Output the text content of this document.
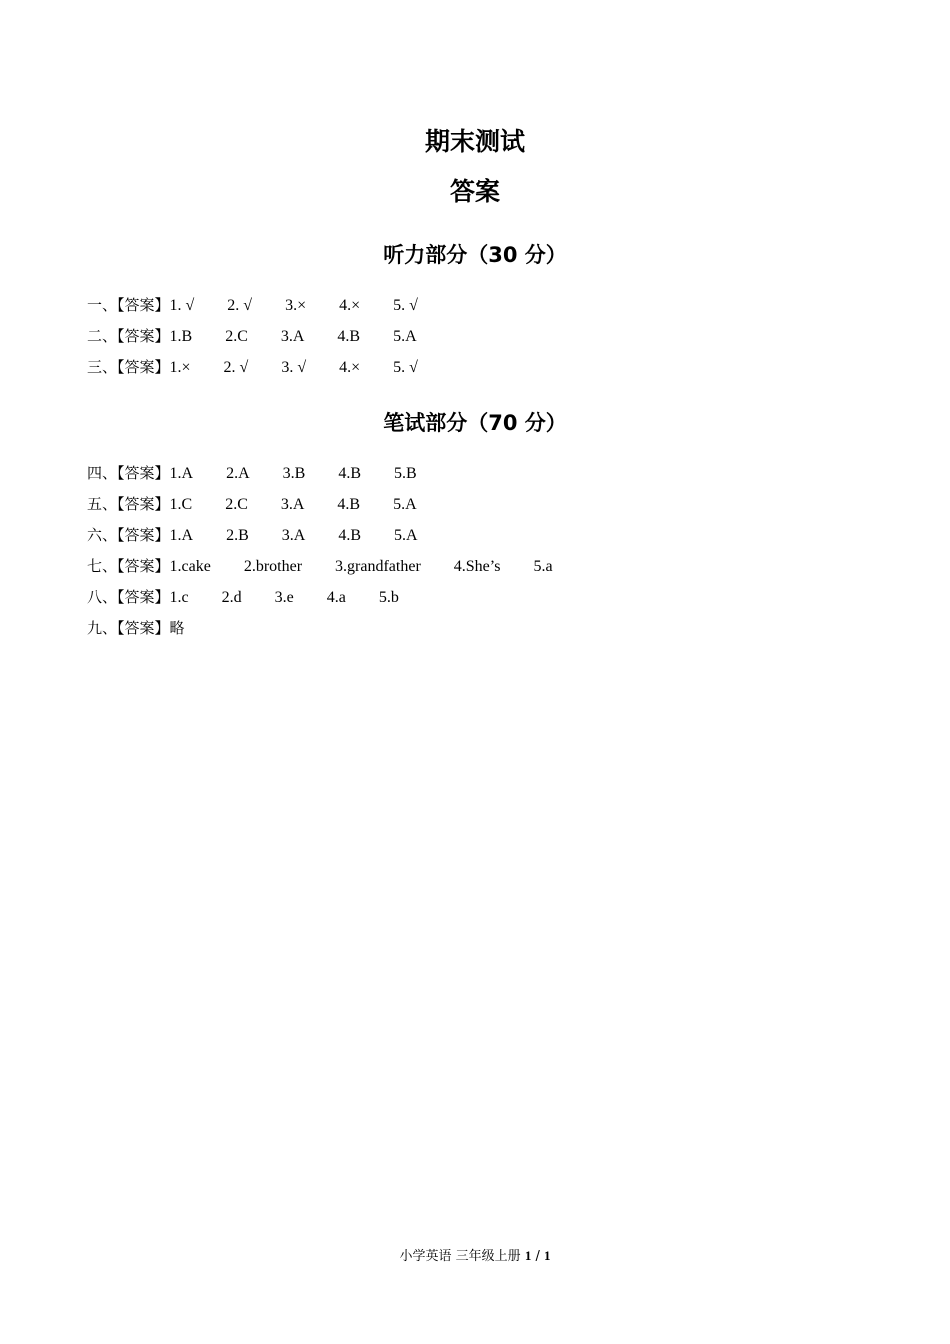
期末测试
答案
听力部分（30 分）
一、【答案】1. √ 2. √ 3.× 4.× 5. √
二、【答案】1.B 2.C 3.A 4.B 5.A
三、【答案】1.× 2. √ 3. √ 4.× 5. √
笔试部分（70 分）
四、【答案】1.A 2.A 3.B 4.B 5.B
五、【答案】1.C 2.C 3.A 4.B 5.A
六、【答案】1.A 2.B 3.A 4.B 5.A
七、【答案】1.cake 2.brother 3.grandfather 4.She’s 5.a
八、【答案】1.c 2.d 3.e 4.a 5.b
九、【答案】略
小学英语 三年级上册 1 / 1
